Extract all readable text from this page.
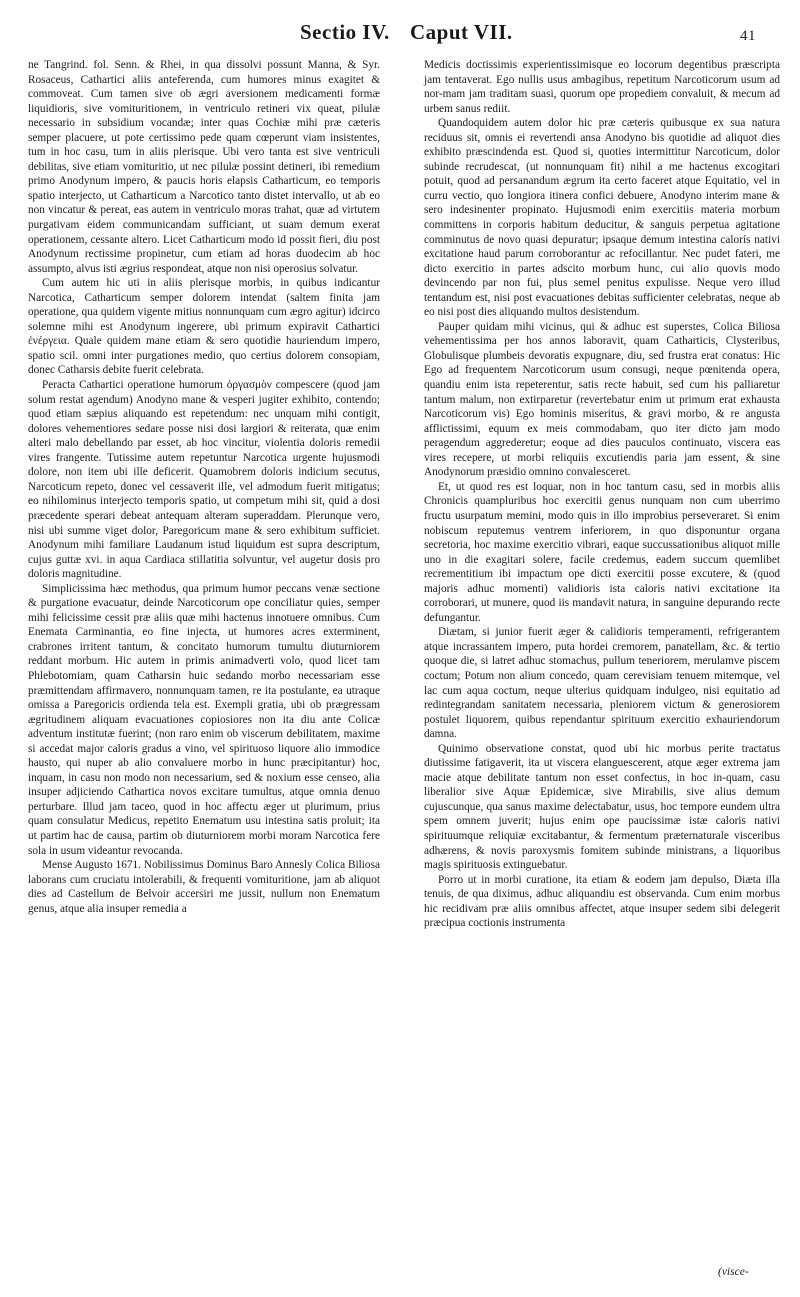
Sectio IV. Caput VII.	41

ne Tangrind. fol. Senn. & Rhei, in qua dissolvi possunt Manna, & Syr. Rosaceus, Cathartici aliis anteferenda, cum humores minus exagitet & commoveat. Cum tamen sive ob ægri aversionem medicamenti formæ liquidioris, sive vomituritionem, in ventriculo retineri vix queat, pilulæ necessario in subsidium vocandæ; inter quas Cochiæ mihi præ cæteris semper placuere, ut pote certissimo pede quam cœperunt viam insistentes, tum in hoc casu, tum in aliis plerisque. Ubi vero tanta est sive ventriculi debilitas, sive etiam vomituritio, ut nec pilulæ possint detineri, ibi remedium primo Anodynum impero, & paucis horis elapsis Catharticum, eo temporis spatio interjecto, ut Catharticum a Narcotico tanto distet intervallo, ut ab eo non vincatur & pereat, eas autem in ventriculo moras trahat, quæ ad virtutem purgativam eidem communicandam sufficiant, ut suam demum exerat operationem, cessante altero. Licet Catharticum modo id possit fieri, diu post Anodynum rectissime propinetur, cum etiam ad horas duodecim ab hoc assumpto, alvus isti ægrius respondeat, atque non nisi operosius solvatur.

Cum autem hic uti in aliis plerisque morbis, in quibus indicantur Narcotica, Catharticum semper dolorem intendat (saltem finita jam operatione, qua quidem vigente mitius nonnunquam cum ægro agitur) idcirco solemne mihi est Anodynum ingerere, ubi primum expiravit Cathartici ἐνέργεια. Quale quidem mane etiam & sero quotidie hauriendum impero, spatio scil. omni inter purgationes medio, quo certius dolorem consopiam, donec Catharsis debite fuerit celebrata.

Peracta Cathartici operatione humorum ὀργασμὸν compescere (quod jam solum restat agendum) Anodyno mane & vesperi jugiter exhibito, contendo; quod etiam sæpius aliquando est repetendum: nec unquam mihi contigit, dolores vehementiores sedare posse nisi dosi largiori & reiterata, quæ enim alteri malo debellando par esset, ab hoc vincitur, violentia doloris remedii vires frangente. Tutissime autem repetuntur Narcotica urgente hujusmodi dolore, non item ubi ille deficerit. Quamobrem doloris indicium secutus, Narcoticum repeto, donec vel cessaverit ille, vel admodum fuerit mitigatus; eo nihilominus interjecto temporis spatio, ut competum mihi sit, quid a dosi præcedente sperari debeat antequam alteram superaddam. Plerunque vero, nisi ubi summe viget dolor, Paregoricum mane & sero exhibitum sufficiet. Anodynum mihi familiare Laudanum istud liquidum est supra descriptum, cujus guttæ xvi. in aqua Cardiaca stillatitia solvuntur, vel augetur dosis pro doloris magnitudine.

Simplicissima hæc methodus, qua primum humor peccans venæ sectione & purgatione evacuatur, deinde Narcoticorum ope conciliatur quies, semper mihi felicissime cessit præ aliis quæ mihi hactenus innotuere omnibus. Cum Enemata Carminantia, eo fine injecta, ut humores acres exterminent, crabrones irritent tantum, & concitato humorum tumultu diuturniorem reddant morbum. Hic autem in primis animadverti volo, quod licet tam Phlebotomiam, quam Catharsin huic sedando morbo necessariam esse præmittendam affirmavero, nonnunquam tamen, re ita postulante, ea utraque omissa a Paregoricis ordienda tela est. Exempli gratia, ubi ob prægressam ægritudinem aliquam evacuationes copiosiores non ita diu ante Colicæ adventum institutæ fuerint; (non raro enim ob viscerum debilitatem, maxime si accedat major caloris gradus a vino, vel spirituoso liquore alio immodice hausto, qui nuper ab alio convaluere morbo in hunc præcipitantur) hoc, inquam, in casu non modo non necessarium, sed & noxium esse censeo, alia insuper adjiciendo Cathartica novos excitare tumultus, atque omnia denuo perturbare. Illud jam taceo, quod in hoc affectu æger ut plurimum, prius quam consulatur Medicus, repetito Enematum usu intestina satis proluit; ita ut partim hac de causa, partim ob diuturniorem morbi moram Narcotica fere sola in usum videantur revocanda.

Mense Augusto 1671. Nobilissimus Dominus Baro Annesly Colica Biliosa laborans cum cruciatu intolerabili, & frequenti vomituritione, jam ab aliquot dies ad Castellum de Belvoir accersiri me jussit, nullum non Enematum genus, atque alia insuper remedia a

Medicis doctissimis experientissimisque eo locorum degentibus præscripta jam tentaverat. Ego nullis usus ambagibus, repetitum Narcoticorum usum ad nor-mam jam traditam suasi, quorum ope propediem convaluit, & mecum ad urbem sanus rediit.

Quandoquidem autem dolor hic præ cæteris quibusque ex sua natura reciduus sit, omnis ei revertendi ansa Anodyno bis quotidie ad aliquot dies exhibito præscindenda est. Quod si, quoties intermittitur Narcoticum, dolor subinde recrudescat, (ut nonnunquam fit) nihil a me hactenus excogitari potuit, quod ad persanandum ægrum ita certo faceret atque Equitatio, vel in curru vectio, quo longiora itinera confici debuere, Anodyno interim mane & sero indesinenter propinato. Hujusmodi enim exercitiis materia morbum committens in corporis habitum deducitur, & sanguis perpetua agitatione comminutus de novo quasi depuratur; ipsaque demum intestina calorís nativi excitatione haud parum corroborantur ac refocillantur. Nec pudet fateri, me dicto exercitio in partes adscito morbum hunc, cui alio quovis modo devincendo par non fui, plus semel penitus expulisse. Neque vero illud tentandum est, nisi post evacuationes debitas sufficienter celebratas, neque ab eo nisi post dies aliquando multos desistendum.

Pauper quidam mihi vicinus, qui & adhuc est superstes, Colica Biliosa vehementissima per hos annos laboravit, quam Catharticis, Clysteribus, Globulisque plumbeis devoratis expugnare, diu, sed frustra erat conatus: Hic Ego ad frequentem Narcoticorum usum consugi, neque pœnitenda opera, quandiu enim ista repeterentur, satis recte habuit, sed cum his palliaretur tantum malum, non extirparetur (revertebatur enim ut primum erat exhausta Narcoticorum vis) Ego hominis miseritus, & gravi morbo, & re angusta afflictissimi, equum ex meis commodabam, quo iter dicto jam modo peragendum aggrederetur; eoque ad dies pauculos continuato, viscera eas vires recepere, ut morbi reliquiis excutiendis paria jam essent, & sine Anodynorum præsidio omnino convalesceret.

Et, ut quod res est loquar, non in hoc tantum casu, sed in morbis aliis Chronicis quampluribus hoc exercitii genus nunquam non cum uberrimo fructu usurpatum memini, modo quis in illo improbius perseveraret. Si enim nobiscum reputemus ventrem inferiorem, in quo disponuntur organa secretoria, hoc maxime exercitio vibrari, eaque succussationibus aliquot mille uno in die exagitari solere, facile credemus, eadem succum quemlibet recrementitium ibi impactum ope dicti exercitii posse excutere, & (quod majoris adhuc momenti) validioris ista caloris nativi excitatione ita corroborari, ut munere, quod iis mandavit natura, in sanguine depurando recte defungantur.

Diætam, si junior fuerit æger & calidioris temperamenti, refrigerantem atque incrassantem impero, puta hordei cremorem, panatellam, &c. & tertio quoque die, si latret adhuc stomachus, pullum teneriorem, merulamve piscem coctum; Potum non alium concedo, quam cerevisiam tenuem mitemque, vel lac cum aqua coctum, neque ulterius quidquam indulgeo, nisi equitatio ad redintegrandam sanitatem necessaria, pleniorem victum & generosiorem postulet liquorem, quibus rependantur spirituum exercitio exhauriendorum damna.

Quinimo observatione constat, quod ubi hic morbus perite tractatus diutissime fatigaverit, ita ut viscera elanguescerent, atque æger extrema jam macie atque debilitate tantum non esset confectus, in hoc in-quam, casu liberalior sive Aquæ Epidemicæ, sive Mirabilis, sive alius demum cujuscunque, qua sanus maxime delectabatur, usus, hoc tempore eundem ultra spem omnem juverit; hujus enim ope paucissimæ istæ caloris nativi spirituumque reliquiæ excitabantur, & fermentum præternaturale visceribus adhærens, & novis paroxysmis fomitem subinde ministrans, a liquoribus magis spirituosis extinguebatur.

Porro ut in morbi curatione, ita etiam & eodem jam depulso, Diæta illa tenuis, de qua diximus, adhuc aliquandiu est observanda. Cum enim morbus hic recidivam præ aliis omnibus affectet, atque insuper sedem sibi delegerit præcipua coctionis instrumenta

(visce-
